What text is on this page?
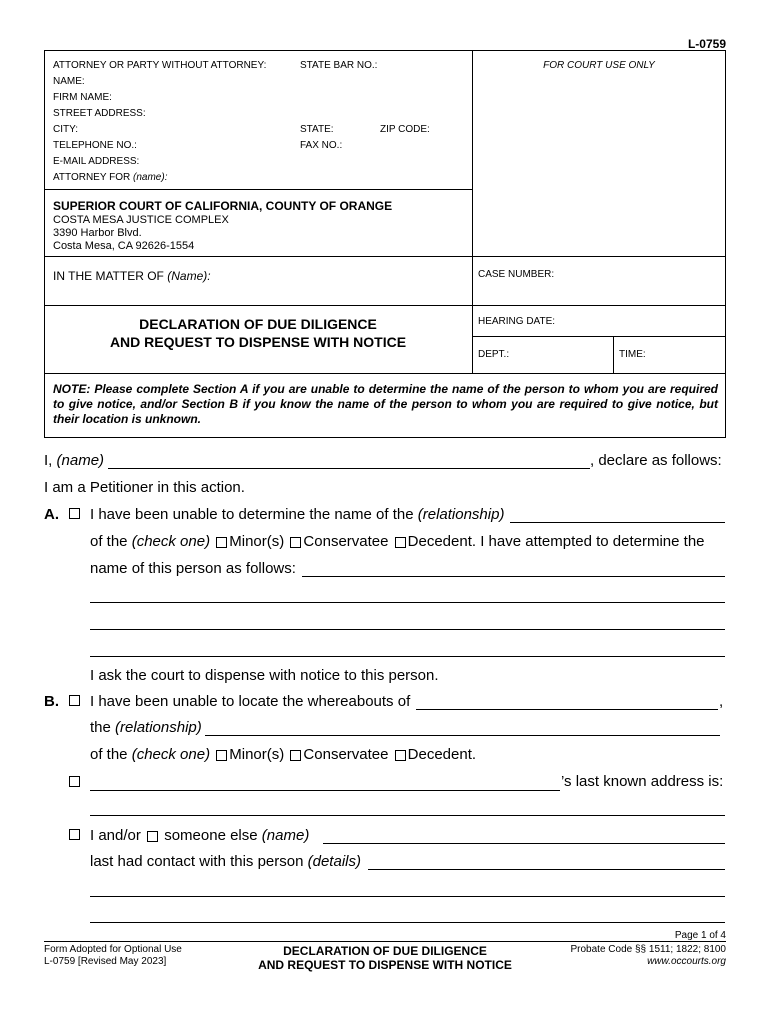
L-0759
ATTORNEY OR PARTY WITHOUT ATTORNEY:	STATE BAR NO.:
NAME:
FIRM NAME:
STREET ADDRESS:
CITY:	STATE:	ZIP CODE:
TELEPHONE NO.:	FAX NO.:
E-MAIL ADDRESS:
ATTORNEY FOR (name):
FOR COURT USE ONLY
SUPERIOR COURT OF CALIFORNIA, COUNTY OF ORANGE
COSTA MESA JUSTICE COMPLEX
3390 Harbor Blvd.
Costa Mesa, CA 92626-1554
IN THE MATTER OF (Name):	CASE NUMBER:
DECLARATION OF DUE DILIGENCE
AND REQUEST TO DISPENSE WITH NOTICE
HEARING DATE:
DEPT.:	TIME:
NOTE: Please complete Section A if you are unable to determine the name of the person to whom you are required to give notice, and/or Section B if you know the name of the person to whom you are required to give notice, but their location is unknown.
I, (name)	, declare as follows:
I am a Petitioner in this action.
A. I have been unable to determine the name of the (relationship)
of the (check one) Minor(s) Conservatee Decedent. I have attempted to determine the
name of this person as follows:
I ask the court to dispense with notice to this person.
B. I have been unable to locate the whereabouts of	,
the (relationship)
of the (check one) Minor(s) Conservatee Decedent.
’s last known address is:
I and/or someone else (name)
last had contact with this person (details)
Page 1 of 4
Form Adopted for Optional Use
L-0759 [Revised May 2023]
DECLARATION OF DUE DILIGENCE
AND REQUEST TO DISPENSE WITH NOTICE
Probate Code §§ 1511; 1822; 8100
www.occourts.org
